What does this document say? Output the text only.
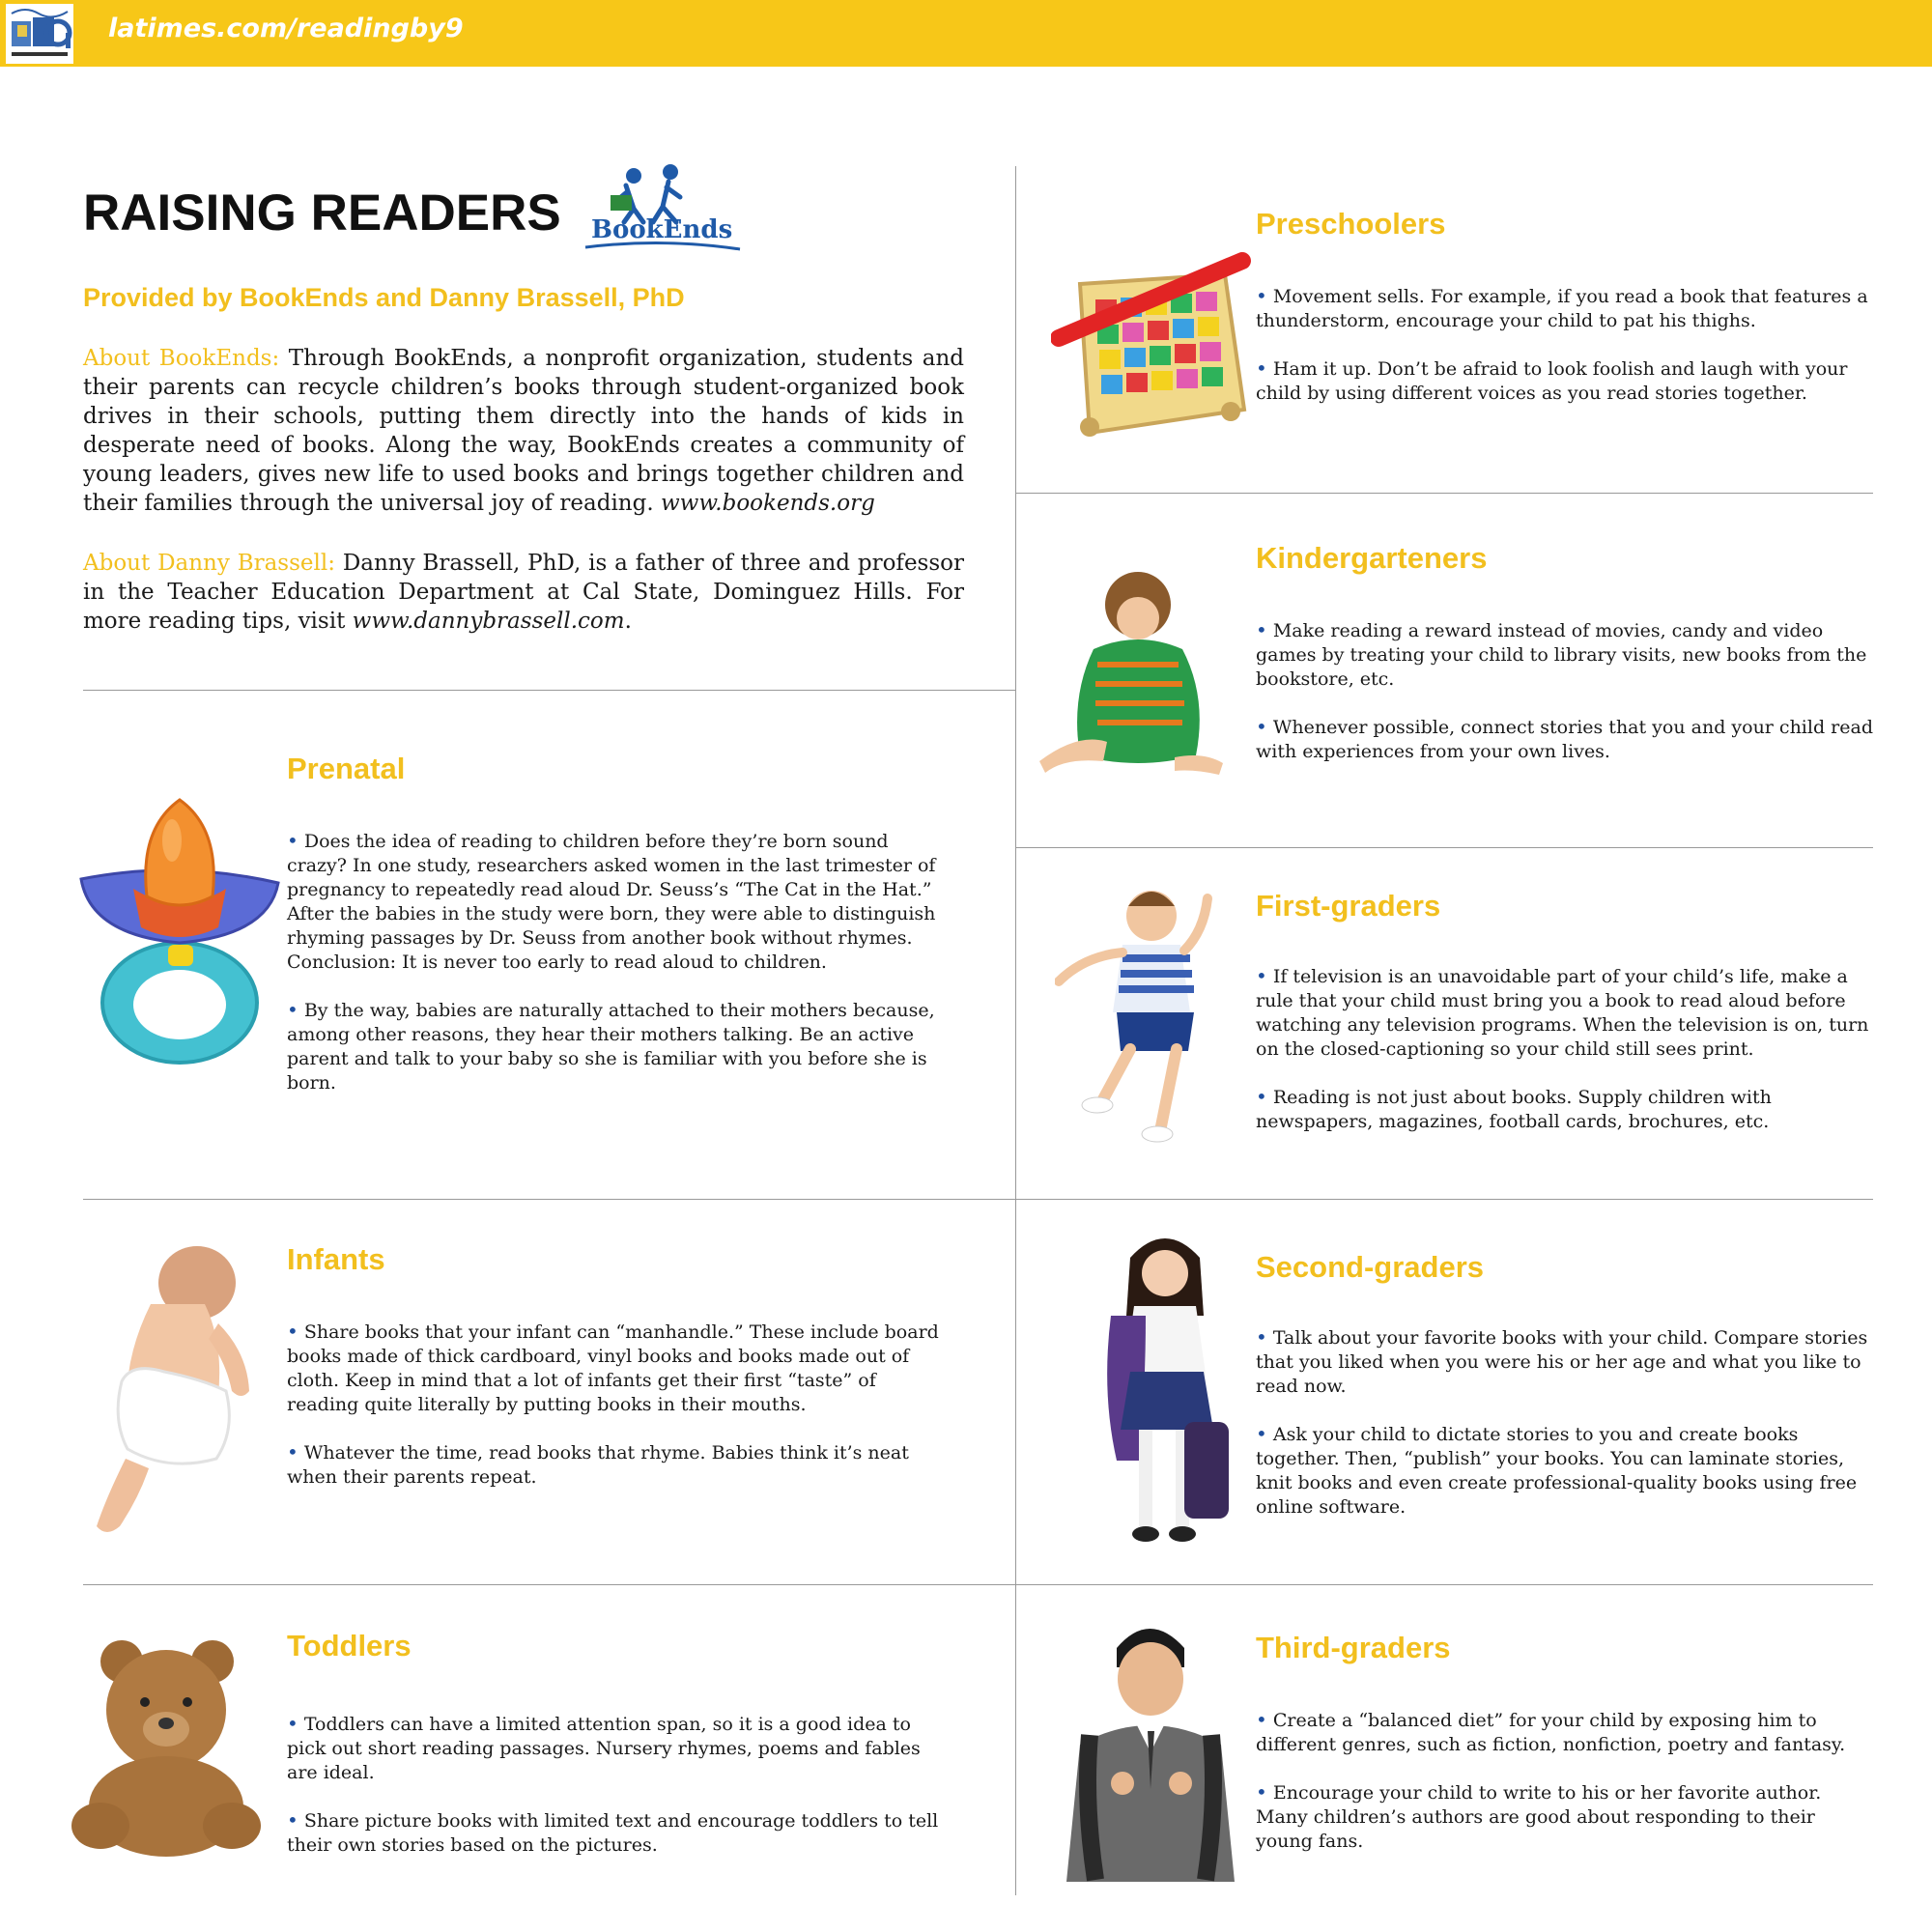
latimes.com/readingby9

RAISING READERS BookEnds

Provided by BookEnds and Danny Brassell, PhD

About BookEnds: Through BookEnds, a nonprofit organization, students and their parents can recycle children’s books through student-organized book drives in their schools, putting them directly into the hands of kids in desperate need of books. Along the way, BookEnds creates a community of young leaders, gives new life to used books and brings together children and their families through the universal joy of reading. www.bookends.org

About Danny Brassell: Danny Brassell, PhD, is a father of three and professor in the Teacher Education Department at Cal State, Dominguez Hills. For more reading tips, visit www.dannybrassell.com.

Prenatal

• Does the idea of reading to children before they’re born sound crazy? In one study, researchers asked women in the last trimester of pregnancy to repeatedly read aloud Dr. Seuss’s “The Cat in the Hat.” After the babies in the study were born, they were able to distinguish rhyming passages by Dr. Seuss from another book without rhymes. Conclusion: It is never too early to read aloud to children.

• By the way, babies are naturally attached to their mothers because, among other reasons, they hear their mothers talking. Be an active parent and talk to your baby so she is familiar with you before she is born.

Infants

• Share books that your infant can “manhandle.” These include board books made of thick cardboard, vinyl books and books made out of cloth. Keep in mind that a lot of infants get their first “taste” of reading quite literally by putting books in their mouths.

• Whatever the time, read books that rhyme. Babies think it’s neat when their parents repeat.

Toddlers

• Toddlers can have a limited attention span, so it is a good idea to pick out short reading passages. Nursery rhymes, poems and fables are ideal.

• Share picture books with limited text and encourage toddlers to tell their own stories based on the pictures.

Preschoolers

• Movement sells. For example, if you read a book that features a thunderstorm, encourage your child to pat his thighs.

• Ham it up. Don’t be afraid to look foolish and laugh with your child by using different voices as you read stories together.

Kindergarteners

• Make reading a reward instead of movies, candy and video games by treating your child to library visits, new books from the bookstore, etc.

• Whenever possible, connect stories that you and your child read with experiences from your own lives.

First-graders

• If television is an unavoidable part of your child’s life, make a rule that your child must bring you a book to read aloud before watching any television programs. When the television is on, turn on the closed-captioning so your child still sees print.

• Reading is not just about books. Supply children with newspapers, magazines, football cards, brochures, etc.

Second-graders

• Talk about your favorite books with your child. Compare stories that you liked when you were his or her age and what you like to read now.

• Ask your child to dictate stories to you and create books together. Then, “publish” your books. You can laminate stories, knit books and even create professional-quality books using free online software.

Third-graders

• Create a “balanced diet” for your child by exposing him to different genres, such as fiction, nonfiction, poetry and fantasy.

• Encourage your child to write to his or her favorite author. Many children’s authors are good about responding to their young fans.
